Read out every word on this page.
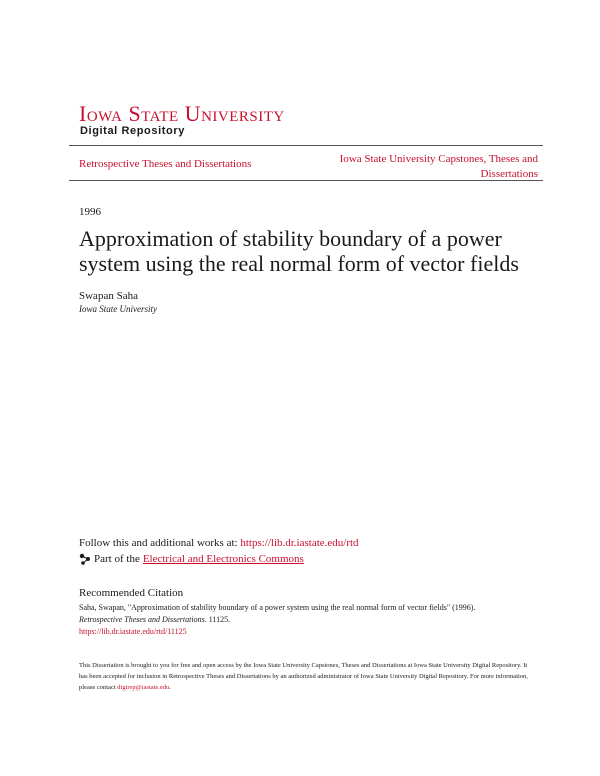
Iowa State University
Digital Repository
Retrospective Theses and Dissertations	Iowa State University Capstones, Theses and Dissertations
1996
Approximation of stability boundary of a power system using the real normal form of vector fields
Swapan Saha
Iowa State University
Follow this and additional works at: https://lib.dr.iastate.edu/rtd
Part of the Electrical and Electronics Commons
Recommended Citation
Saha, Swapan, "Approximation of stability boundary of a power system using the real normal form of vector fields" (1996).
Retrospective Theses and Dissertations. 11125.
https://lib.dr.iastate.edu/rtd/11125
This Dissertation is brought to you for free and open access by the Iowa State University Capstones, Theses and Dissertations at Iowa State University Digital Repository. It has been accepted for inclusion in Retrospective Theses and Dissertations by an authorized administrator of Iowa State University Digital Repository. For more information, please contact digirep@iastate.edu.
